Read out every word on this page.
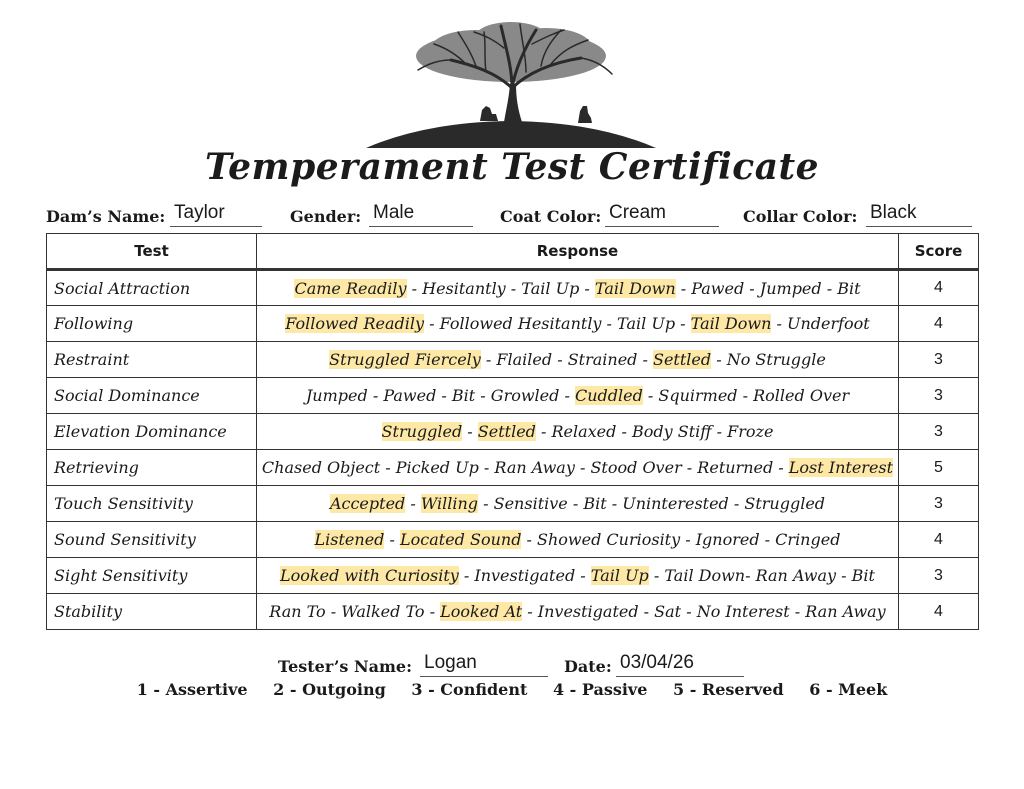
Temperament Test Certificate
Dam’s Name: Taylor	Gender: Male	Coat Color: Cream	Collar Color: Black
Test	Response	Score
Social Attraction	Came Readily - Hesitantly - Tail Up - Tail Down - Pawed - Jumped - Bit	4
Following	Followed Readily - Followed Hesitantly - Tail Up - Tail Down - Underfoot	4
Restraint	Struggled Fiercely - Flailed - Strained - Settled - No Struggle	3
Social Dominance	Jumped - Pawed - Bit - Growled - Cuddled - Squirmed - Rolled Over	3
Elevation Dominance	Struggled - Settled - Relaxed - Body Stiff - Froze	3
Retrieving	Chased Object - Picked Up - Ran Away - Stood Over - Returned - Lost Interest	5
Touch Sensitivity	Accepted - Willing - Sensitive - Bit - Uninterested - Struggled	3
Sound Sensitivity	Listened - Located Sound - Showed Curiosity - Ignored - Cringed	4
Sight Sensitivity	Looked with Curiosity - Investigated - Tail Up - Tail Down- Ran Away - Bit	3
Stability	Ran To - Walked To - Looked At - Investigated - Sat - No Interest - Ran Away	4
Tester’s Name: Logan	Date: 03/04/26
1 - Assertive 2 - Outgoing 3 - Confident 4 - Passive 5 - Reserved 6 - Meek
